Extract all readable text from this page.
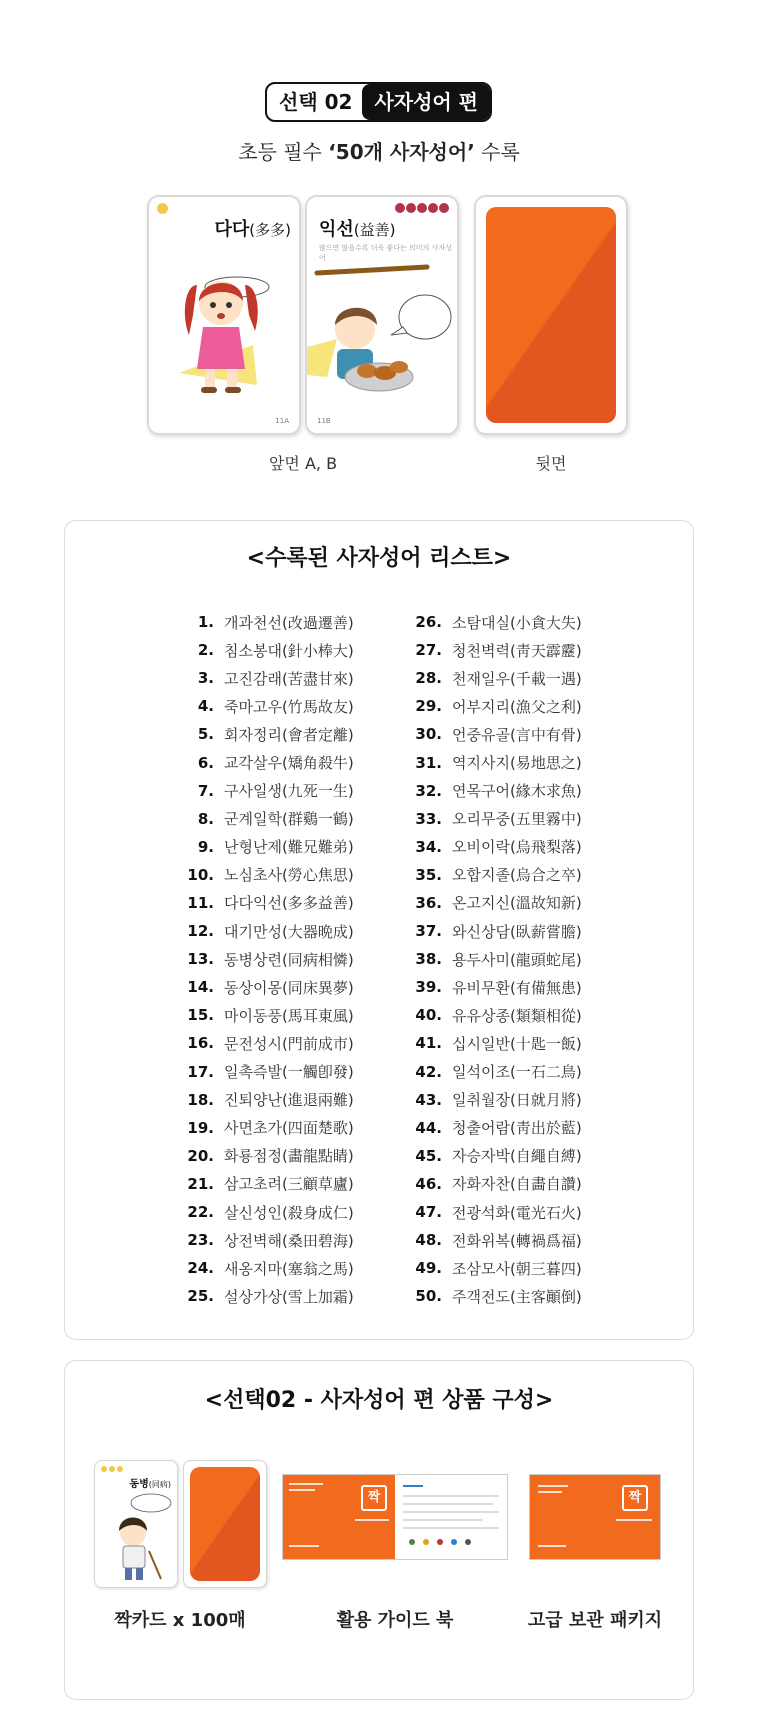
선택 02	사자성어 편
초등 필수 ‘50개 사자성어’ 수록
다다(多多)
11A
익선(益善)
많으면 많을수록 더욱 좋다는 의미의 사자성어
11B
앞면 A, B	뒷면
<수록된 사자성어 리스트>
1. 개과천선(改過遷善)
2. 침소봉대(針小棒大)
3. 고진감래(苦盡甘來)
4. 죽마고우(竹馬故友)
5. 회자정리(會者定離)
6. 교각살우(矯角殺牛)
7. 구사일생(九死一生)
8. 군계일학(群鷄一鶴)
9. 난형난제(難兄難弟)
10. 노심초사(勞心焦思)
11. 다다익선(多多益善)
12. 대기만성(大器晩成)
13. 동병상련(同病相憐)
14. 동상이몽(同床異夢)
15. 마이동풍(馬耳東風)
16. 문전성시(門前成市)
17. 일촉즉발(一觸卽發)
18. 진퇴양난(進退兩難)
19. 사면초가(四面楚歌)
20. 화룡점정(畵龍點睛)
21. 삼고초려(三顧草廬)
22. 살신성인(殺身成仁)
23. 상전벽해(桑田碧海)
24. 새옹지마(塞翁之馬)
25. 설상가상(雪上加霜)
26. 소탐대실(小貪大失)
27. 청천벽력(靑天霹靂)
28. 천재일우(千載一遇)
29. 어부지리(漁父之利)
30. 언중유골(言中有骨)
31. 역지사지(易地思之)
32. 연목구어(緣木求魚)
33. 오리무중(五里霧中)
34. 오비이락(烏飛梨落)
35. 오합지졸(烏合之卒)
36. 온고지신(溫故知新)
37. 와신상담(臥薪嘗膽)
38. 용두사미(龍頭蛇尾)
39. 유비무환(有備無患)
40. 유유상종(類類相從)
41. 십시일반(十匙一飯)
42. 일석이조(一石二鳥)
43. 일취월장(日就月將)
44. 청출어람(靑出於藍)
45. 자승자박(自繩自縛)
46. 자화자찬(自畵自讚)
47. 전광석화(電光石火)
48. 전화위복(轉禍爲福)
49. 조삼모사(朝三暮四)
50. 주객전도(主客顚倒)
<선택02 - 사자성어 편 상품 구성>
동병(同病)
짝	짝
짝카드 x 100매	활용 가이드 북	고급 보관 패키지
